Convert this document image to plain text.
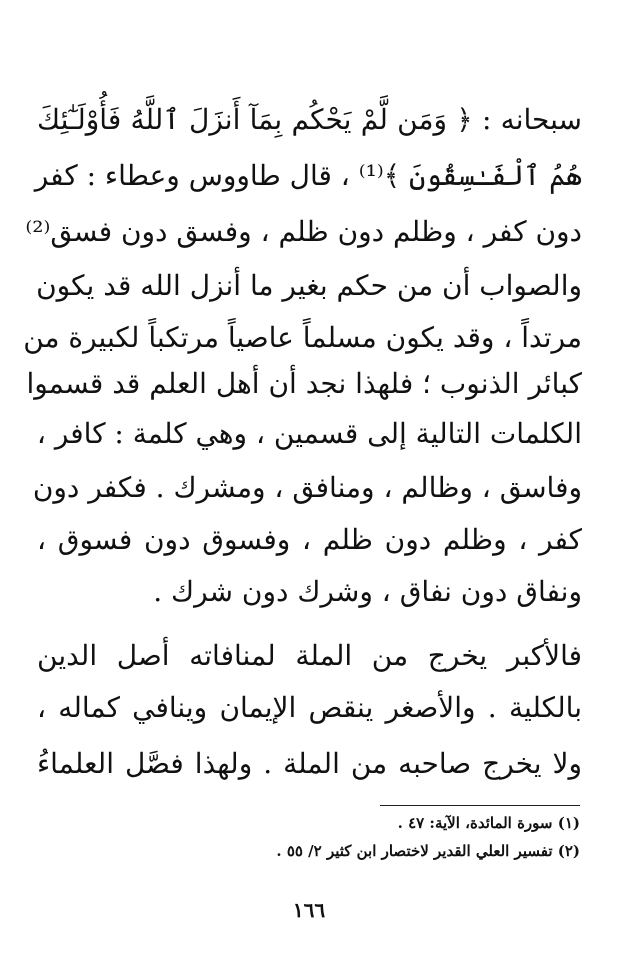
سبحانه : ﴿ وَمَن لَّمْ يَحْكُم بِمَآ أَنزَلَ ٱللَّهُ فَأُوْلَـٰٓئِكَ
هُمُ ٱلْفَـٰسِقُونَ ﴾⁽¹⁾ ، قال طاووس وعطاء : كفر
دون كفر ، وظلم دون ظلم ، وفسق دون فسق⁽²⁾
والصواب أن من حكم بغير ما أنزل الله قد يكون
مرتداً ، وقد يكون مسلماً عاصياً مرتكباً لكبيرة من
كبائر الذنوب ؛ فلهذا نجد أن أهل العلم قد قسموا
الكلمات التالية إلى قسمين ، وهي كلمة : كافر ،
وفاسق ، وظالم ، ومنافق ، ومشرك . فكفر دون
كفر ، وظلم دون ظلم ، وفسوق دون فسوق ،
ونفاق دون نفاق ، وشرك دون شرك .
فالأكبر يخرج من الملة لمنافاته أصل الدين
بالكلية . والأصغر ينقص الإيمان وينافي كماله ،
ولا يخرج صاحبه من الملة . ولهذا فصَّل العلماءُ
(١) سورة المائدة، الآية: ٤٧ .
(٢) تفسير العلي القدير لاختصار ابن كثير ٢/ ٥٥ .
١٦٦
